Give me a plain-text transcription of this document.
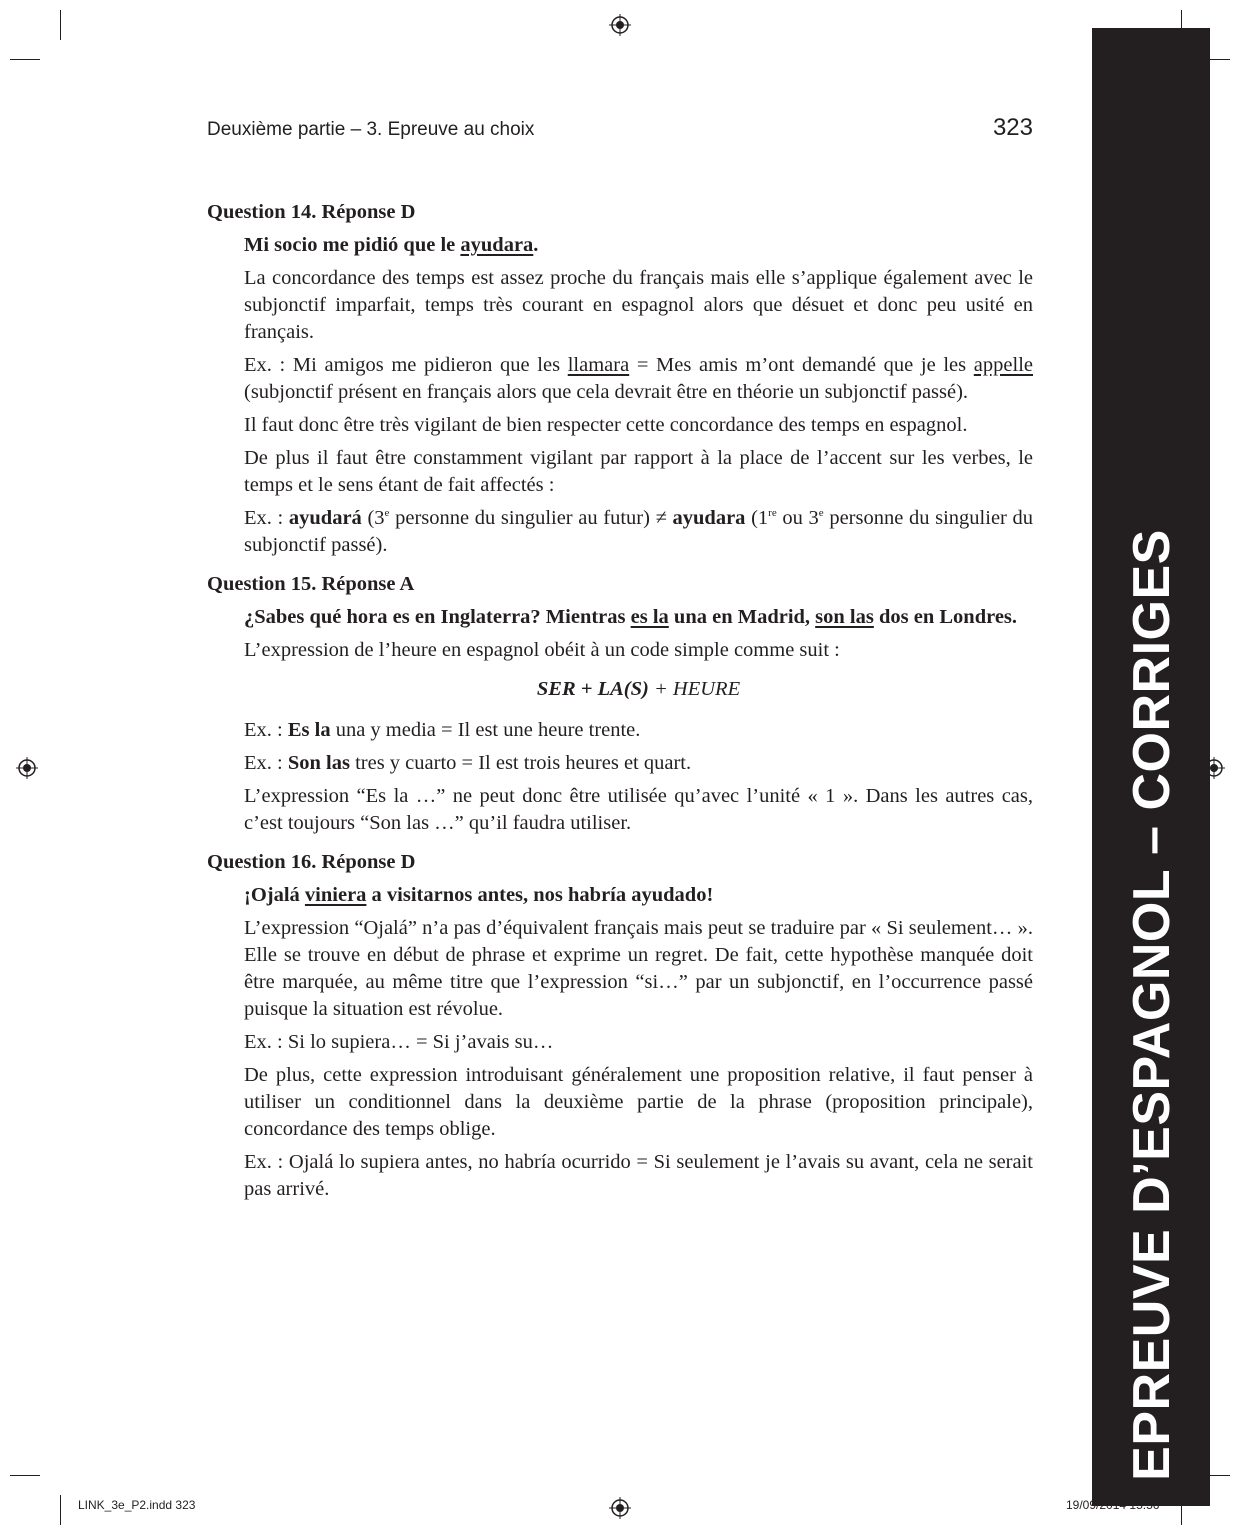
Deuxième partie – 3. Epreuve au choix	323

Question 14. Réponse D

Mi socio me pidió que le ayudara.

La concordance des temps est assez proche du français mais elle s’applique également avec le subjonctif imparfait, temps très courant en espagnol alors que désuet et donc peu usité en français.

Ex. : Mi amigos me pidieron que les llamara = Mes amis m’ont demandé que je les appelle (subjonctif présent en français alors que cela devrait être en théorie un subjonctif passé).

Il faut donc être très vigilant de bien respecter cette concordance des temps en espagnol.

De plus il faut être constamment vigilant par rapport à la place de l’accent sur les verbes, le temps et le sens étant de fait affectés :

Ex. : ayudará (3e personne du singulier au futur) ≠ ayudara (1re ou 3e personne du singulier du subjonctif passé).

Question 15. Réponse A

¿Sabes qué hora es en Inglaterra? Mientras es la una en Madrid, son las dos en Londres.

L’expression de l’heure en espagnol obéit à un code simple comme suit :

SER + LA(S) + HEURE

Ex. : Es la una y media = Il est une heure trente.

Ex. : Son las tres y cuarto = Il est trois heures et quart.

L’expression “Es la …” ne peut donc être utilisée qu’avec l’unité « 1 ». Dans les autres cas, c’est toujours “Son las …” qu’il faudra utiliser.

Question 16. Réponse D

¡Ojalá viniera a visitarnos antes, nos habría ayudado!

L’expression “Ojalá” n’a pas d’équivalent français mais peut se traduire par « Si seulement… ». Elle se trouve en début de phrase et exprime un regret. De fait, cette hypothèse manquée doit être marquée, au même titre que l’expression “si…” par un subjonctif, en l’occurrence passé puisque la situation est révolue.

Ex. : Si lo supiera… = Si j’avais su…

De plus, cette expression introduisant généralement une proposition relative, il faut penser à utiliser un conditionnel dans la deuxième partie de la phrase (proposition principale), concordance des temps oblige.

Ex. : Ojalá lo supiera antes, no habría ocurrido = Si seulement je l’avais su avant, cela ne serait pas arrivé.	EPREUVE D’ESPAGNOL – CORRIGES
LINK_3e_P2.indd 323	19/09/2014 15:56
